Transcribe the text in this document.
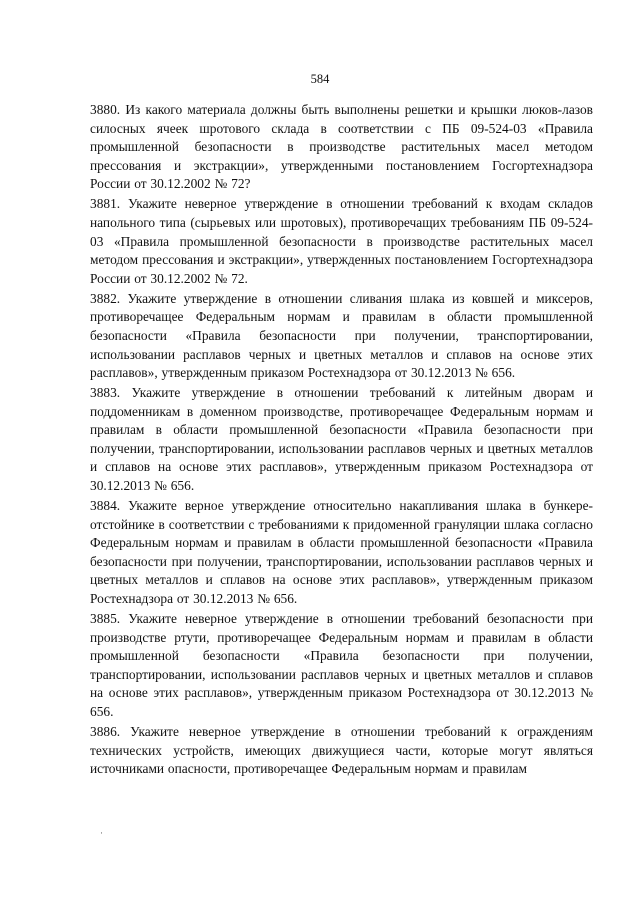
584

3880. Из какого материала должны быть выполнены решетки и крышки люков-лазов силосных ячеек шротового склада в соответствии с ПБ 09-524-03 «Правила промышленной безопасности в производстве растительных масел методом прессования и экстракции», утвержденными постановлением Госгортехнадзора России от 30.12.2002 № 72?

3881. Укажите неверное утверждение в отношении требований к входам складов напольного типа (сырьевых или шротовых), противоречащих требованиям ПБ 09-524-03 «Правила промышленной безопасности в производстве растительных масел методом прессования и экстракции», утвержденных постановлением Госгортехнадзора России от 30.12.2002 № 72.

3882. Укажите утверждение в отношении сливания шлака из ковшей и миксеров, противоречащее Федеральным нормам и правилам в области промышленной безопасности «Правила безопасности при получении, транспортировании, использовании расплавов черных и цветных металлов и сплавов на основе этих расплавов», утвержденным приказом Ростехнадзора от 30.12.2013 № 656.

3883. Укажите утверждение в отношении требований к литейным дворам и поддоменникам в доменном производстве, противоречащее Федеральным нормам и правилам в области промышленной безопасности «Правила безопасности при получении, транспортировании, использовании расплавов черных и цветных металлов и сплавов на основе этих расплавов», утвержденным приказом Ростехнадзора от 30.12.2013 № 656.

3884. Укажите верное утверждение относительно накапливания шлака в бункере-отстойнике в соответствии с требованиями к придоменной грануляции шлака согласно Федеральным нормам и правилам в области промышленной безопасности «Правила безопасности при получении, транспортировании, использовании расплавов черных и цветных металлов и сплавов на основе этих расплавов», утвержденным приказом Ростехнадзора от 30.12.2013 № 656.

3885. Укажите неверное утверждение в отношении требований безопасности при производстве ртути, противоречащее Федеральным нормам и правилам в области промышленной безопасности «Правила безопасности при получении, транспортировании, использовании расплавов черных и цветных металлов и сплавов на основе этих расплавов», утвержденным приказом Ростехнадзора от 30.12.2013 № 656.

3886. Укажите неверное утверждение в отношении требований к ограждениям технических устройств, имеющих движущиеся части, которые могут являться источниками опасности, противоречащее Федеральным нормам и правилам

·
